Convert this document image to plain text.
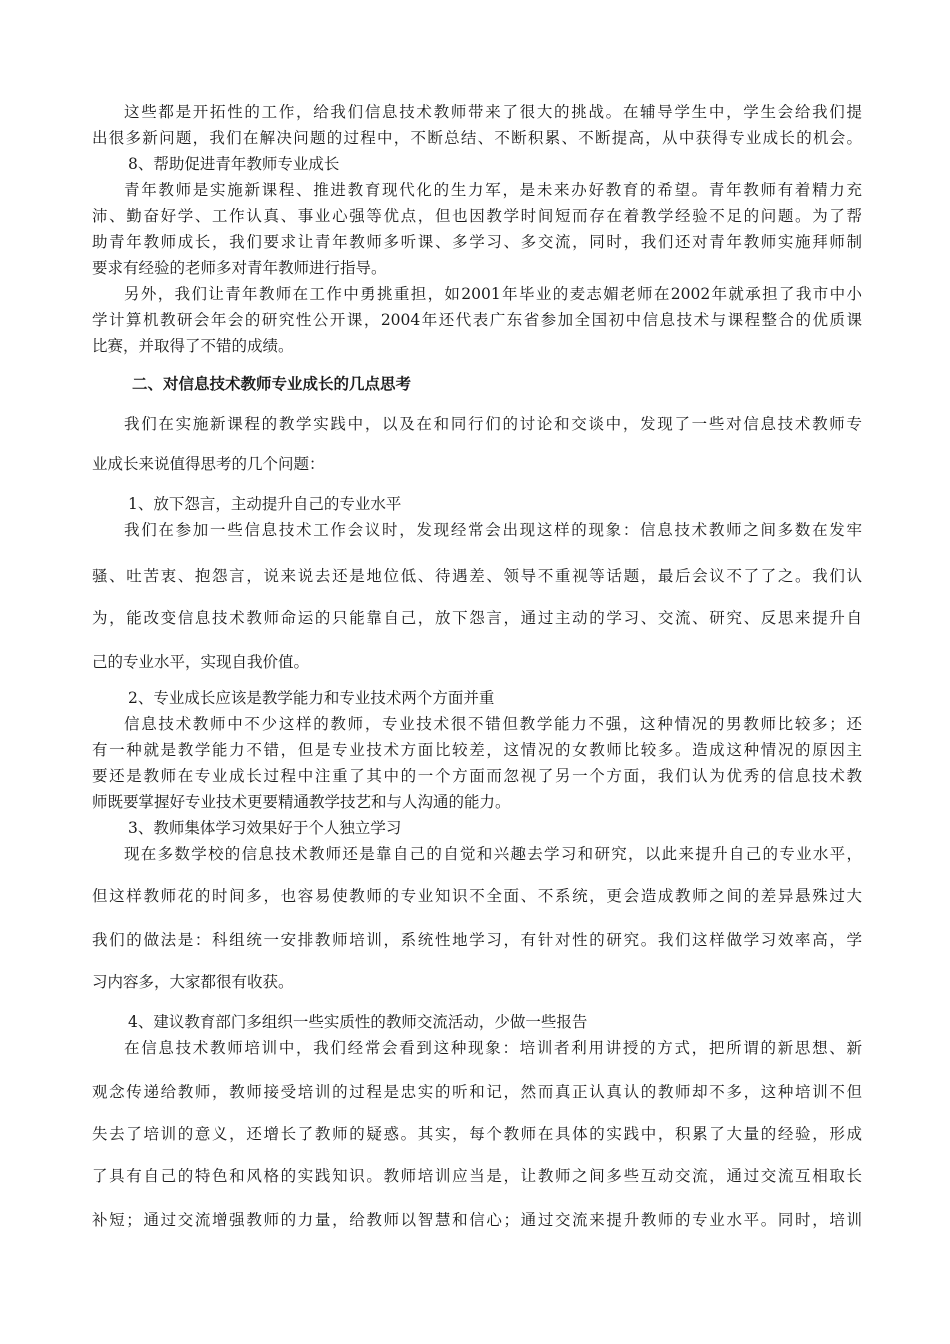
这些都是开拓性的工作，给我们信息技术教师带来了很大的挑战。在辅导学生中，学生会给我们提
出很多新问题，我们在解决问题的过程中，不断总结、不断积累、不断提高，从中获得专业成长的机会。
8、帮助促进青年教师专业成长
青年教师是实施新课程、推进教育现代化的生力军，是未来办好教育的希望。青年教师有着精力充
沛、勤奋好学、工作认真、事业心强等优点，但也因教学时间短而存在着教学经验不足的问题。为了帮
助青年教师成长，我们要求让青年教师多听课、多学习、多交流，同时，我们还对青年教师实施拜师制
要求有经验的老师多对青年教师进行指导。
另外，我们让青年教师在工作中勇挑重担，如2001年毕业的麦志媚老师在2002年就承担了我市中小
学计算机教研会年会的研究性公开课，2004年还代表广东省参加全国初中信息技术与课程整合的优质课
比赛，并取得了不错的成绩。
二、对信息技术教师专业成长的几点思考
我们在实施新课程的教学实践中，以及在和同行们的讨论和交谈中，发现了一些对信息技术教师专
业成长来说值得思考的几个问题：
1、放下怨言，主动提升自己的专业水平
我们在参加一些信息技术工作会议时，发现经常会出现这样的现象：信息技术教师之间多数在发牢
骚、吐苦衷、抱怨言，说来说去还是地位低、待遇差、领导不重视等话题，最后会议不了了之。我们认
为，能改变信息技术教师命运的只能靠自己，放下怨言，通过主动的学习、交流、研究、反思来提升自
己的专业水平，实现自我价值。
2、专业成长应该是教学能力和专业技术两个方面并重
信息技术教师中不少这样的教师，专业技术很不错但教学能力不强，这种情况的男教师比较多；还
有一种就是教学能力不错，但是专业技术方面比较差，这情况的女教师比较多。造成这种情况的原因主
要还是教师在专业成长过程中注重了其中的一个方面而忽视了另一个方面，我们认为优秀的信息技术教
师既要掌握好专业技术更要精通教学技艺和与人沟通的能力。
3、教师集体学习效果好于个人独立学习
现在多数学校的信息技术教师还是靠自己的自觉和兴趣去学习和研究，以此来提升自己的专业水平，
但这样教师花的时间多，也容易使教师的专业知识不全面、不系统，更会造成教师之间的差异悬殊过大
我们的做法是：科组统一安排教师培训，系统性地学习，有针对性的研究。我们这样做学习效率高，学
习内容多，大家都很有收获。
4、建议教育部门多组织一些实质性的教师交流活动，少做一些报告
在信息技术教师培训中，我们经常会看到这种现象：培训者利用讲授的方式，把所谓的新思想、新
观念传递给教师，教师接受培训的过程是忠实的听和记，然而真正认真认的教师却不多，这种培训不但
失去了培训的意义，还增长了教师的疑惑。其实，每个教师在具体的实践中，积累了大量的经验，形成
了具有自己的特色和风格的实践知识。教师培训应当是，让教师之间多些互动交流，通过交流互相取长
补短；通过交流增强教师的力量，给教师以智慧和信心；通过交流来提升教师的专业水平。同时，培训
